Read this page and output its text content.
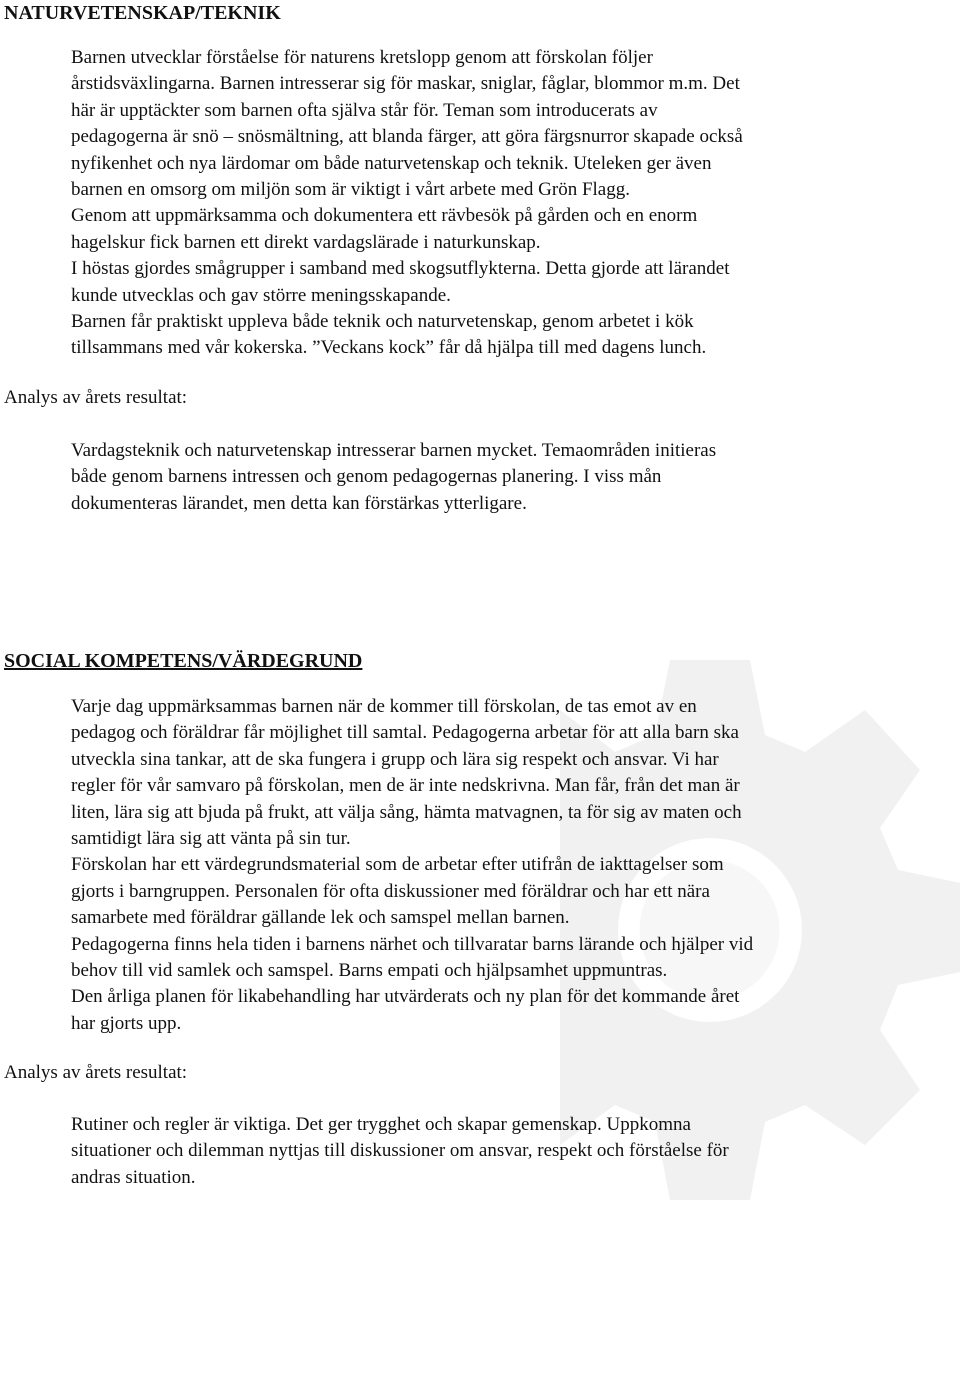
NATURVETENSKAP/TEKNIK
Barnen utvecklar förståelse för naturens kretslopp genom att förskolan följer
årstidsväxlingarna. Barnen intresserar sig för maskar, sniglar, fåglar, blommor m.m. Det
här är upptäckter som barnen ofta själva står för. Teman som introducerats av
pedagogerna är snö – snösmältning, att blanda färger, att göra färgsnurror skapade också
nyfikenhet och nya lärdomar om både naturvetenskap och teknik. Uteleken ger även
barnen en omsorg om miljön som är viktigt i vårt arbete med Grön Flagg.
Genom att uppmärksamma och dokumentera ett rävbesök på gården och en enorm
hagelskur fick barnen ett direkt vardagslärade i naturkunskap.
I höstas gjordes smågrupper i samband med skogsutflykterna. Detta gjorde att lärandet
kunde utvecklas och gav större meningsskapande.
Barnen får praktiskt uppleva både teknik och naturvetenskap, genom arbetet i kök
tillsammans med vår kokerska. ”Veckans kock” får då hjälpa till med dagens lunch.

Analys av årets resultat:

Vardagsteknik och naturvetenskap intresserar barnen mycket. Temaområden initieras
både genom barnens intressen och genom pedagogernas planering. I viss mån
dokumenteras lärandet, men detta kan förstärkas ytterligare.
SOCIAL KOMPETENS/VÄRDEGRUND
Varje dag uppmärksammas barnen när de kommer till förskolan, de tas emot av en
pedagog och föräldrar får möjlighet till samtal. Pedagogerna arbetar för att alla barn ska
utveckla sina tankar, att de ska fungera i grupp och lära sig respekt och ansvar. Vi har
regler för vår samvaro på förskolan, men de är inte nedskrivna. Man får, från det man är
liten, lära sig att bjuda på frukt, att välja sång, hämta matvagnen, ta för sig av maten och
samtidigt lära sig att vänta på sin tur.
Förskolan har ett värdegrundsmaterial som de arbetar efter utifrån de iakttagelser som
gjorts i barngruppen. Personalen för ofta diskussioner med föräldrar och har ett nära
samarbete med föräldrar gällande lek och samspel mellan barnen.
Pedagogerna finns hela tiden i barnens närhet och tillvaratar barns lärande och hjälper vid
behov till vid samlek och samspel. Barns empati och hjälpsamhet uppmuntras.
Den årliga planen för likabehandling har utvärderats och ny plan för det kommande året
har gjorts upp.

Analys av årets resultat:

Rutiner och regler är viktiga. Det ger trygghet och skapar gemenskap. Uppkomna
situationer och dilemman nyttjas till diskussioner om ansvar, respekt och förståelse för
andras situation.
